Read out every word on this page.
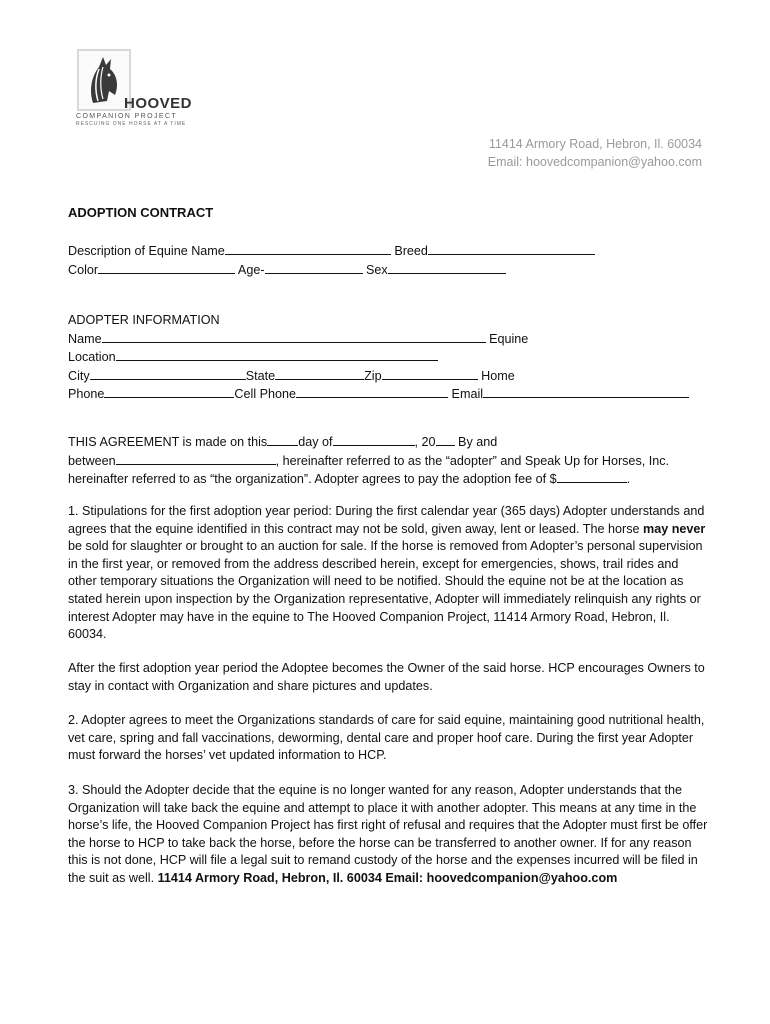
HOOVED
COMPANION PROJECT
RESCUING ONE HORSE AT A TIME
11414 Armory Road, Hebron, Il. 60034
Email: hoovedcompanion@yahoo.com
ADOPTION CONTRACT
Description of Equine Name	Breed
Color	Age-	Sex
ADOPTER INFORMATION
Name	Equine
Location
City	State	Zip	Home
Phone	Cell Phone	Email
THIS AGREEMENT is made on this day of	, 20 By and
between	, hereinafter referred to as the “adopter” and Speak Up for Horses, Inc.
hereinafter referred to as “the organization”. Adopter agrees to pay the adoption fee of $	.

1. Stipulations for the first adoption year period: During the first calendar year (365 days) Adopter understands and agrees that the equine identified in this contract may not be sold, given away, lent or leased. The horse may never be sold for slaughter or brought to an auction for sale. If the horse is removed from Adopter’s personal supervision in the first year, or removed from the address described herein, except for emergencies, shows, trail rides and other temporary situations the Organization will need to be notified. Should the equine not be at the location as stated herein upon inspection by the Organization representative, Adopter will immediately relinquish any rights or interest Adopter may have in the equine to The Hooved Companion Project, 11414 Armory Road, Hebron, Il. 60034.

After the first adoption year period the Adoptee becomes the Owner of the said horse. HCP encourages Owners to stay in contact with Organization and share pictures and updates.

2. Adopter agrees to meet the Organizations standards of care for said equine, maintaining good nutritional health, vet care, spring and fall vaccinations, deworming, dental care and proper hoof care. During the first year Adopter must forward the horses’ vet updated information to HCP.

3. Should the Adopter decide that the equine is no longer wanted for any reason, Adopter understands that the Organization will take back the equine and attempt to place it with another adopter. This means at any time in the horse’s life, the Hooved Companion Project has first right of refusal and requires that the Adopter must first be offer the horse to HCP to take back the horse, before the horse can be transferred to another owner. If for any reason this is not done, HCP will file a legal suit to remand custody of the horse and the expenses incurred will be filed in the suit as well. 11414 Armory Road, Hebron, Il. 60034 Email: hoovedcompanion@yahoo.com
